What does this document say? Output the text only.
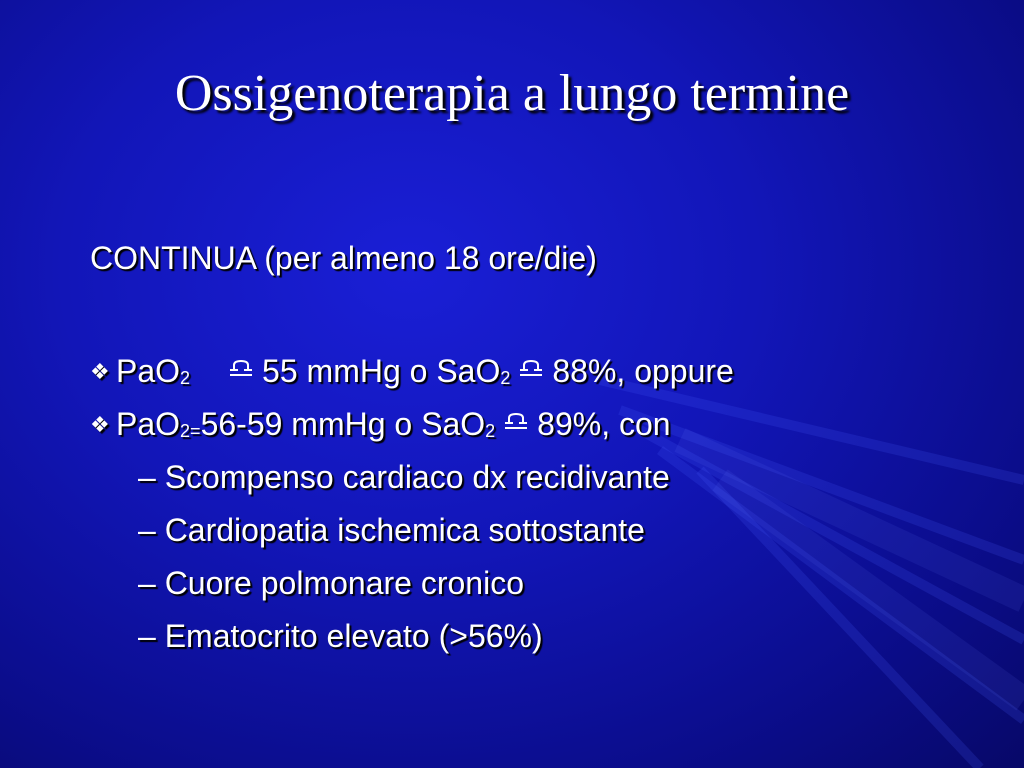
Ossigenoterapia a lungo termine
CONTINUA (per almeno 18 ore/die)
❖ PaO2 55 mmHg o SaO2 88%, oppure
❖ PaO2=56-59 mmHg o SaO2 89%, con
– Scompenso cardiaco dx recidivante
– Cardiopatia ischemica sottostante
– Cuore polmonare cronico
– Ematocrito elevato (>56%)
